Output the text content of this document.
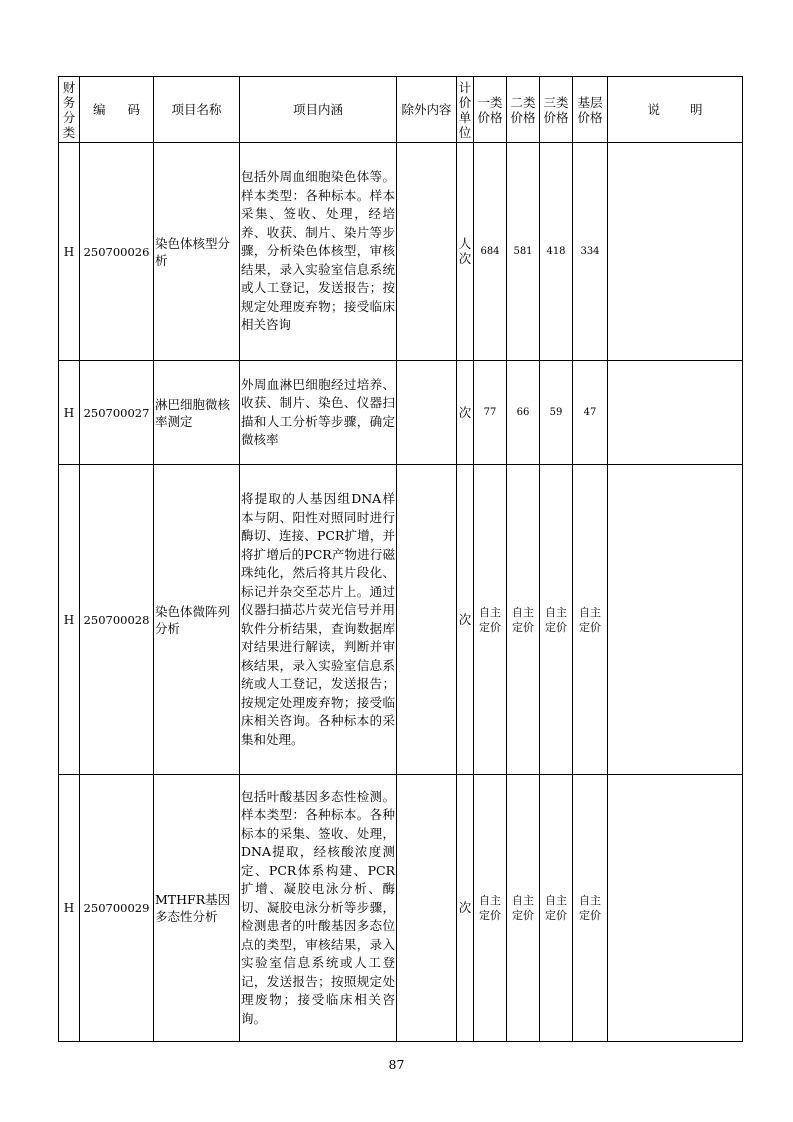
财务分类	编码	项目名称	项目内涵	除外内容	计价单位	一类价格	二类价格	三类价格	基层价格	说明
H	250700026	染色体核型分析	包括外周血细胞染色体等。样本类型：各种标本。样本采集、签收、处理，经培养、收获、制片、染片等步骤，分析染色体核型，审核结果，录入实验室信息系统或人工登记，发送报告；按规定处理废弃物；接受临床相关咨询		人次	684	581	418	334	
H	250700027	淋巴细胞微核率测定	外周血淋巴细胞经过培养、收获、制片、染色、仪器扫描和人工分析等步骤，确定微核率		次	77	66	59	47	
H	250700028	染色体微阵列分析	将提取的人基因组DNA样本与阴、阳性对照同时进行酶切、连接、PCR扩增，并将扩增后的PCR产物进行磁珠纯化，然后将其片段化、标记并杂交至芯片上。通过仪器扫描芯片荧光信号并用软件分析结果，查询数据库对结果进行解读，判断并审核结果，录入实验室信息系统或人工登记，发送报告；按规定处理废弃物；接受临床相关咨询。各种标本的采集和处理。		次	自主定价	自主定价	自主定价	自主定价	
H	250700029	MTHFR基因多态性分析	包括叶酸基因多态性检测。样本类型：各种标本。各种标本的采集、签收、处理，DNA提取，经核酸浓度测定、PCR体系构建、PCR扩增、凝胶电泳分析、酶切、凝胶电泳分析等步骤，检测患者的叶酸基因多态位点的类型，审核结果，录入实验室信息系统或人工登记，发送报告；按照规定处理废物；接受临床相关咨询。		次	自主定价	自主定价	自主定价	自主定价	
87
